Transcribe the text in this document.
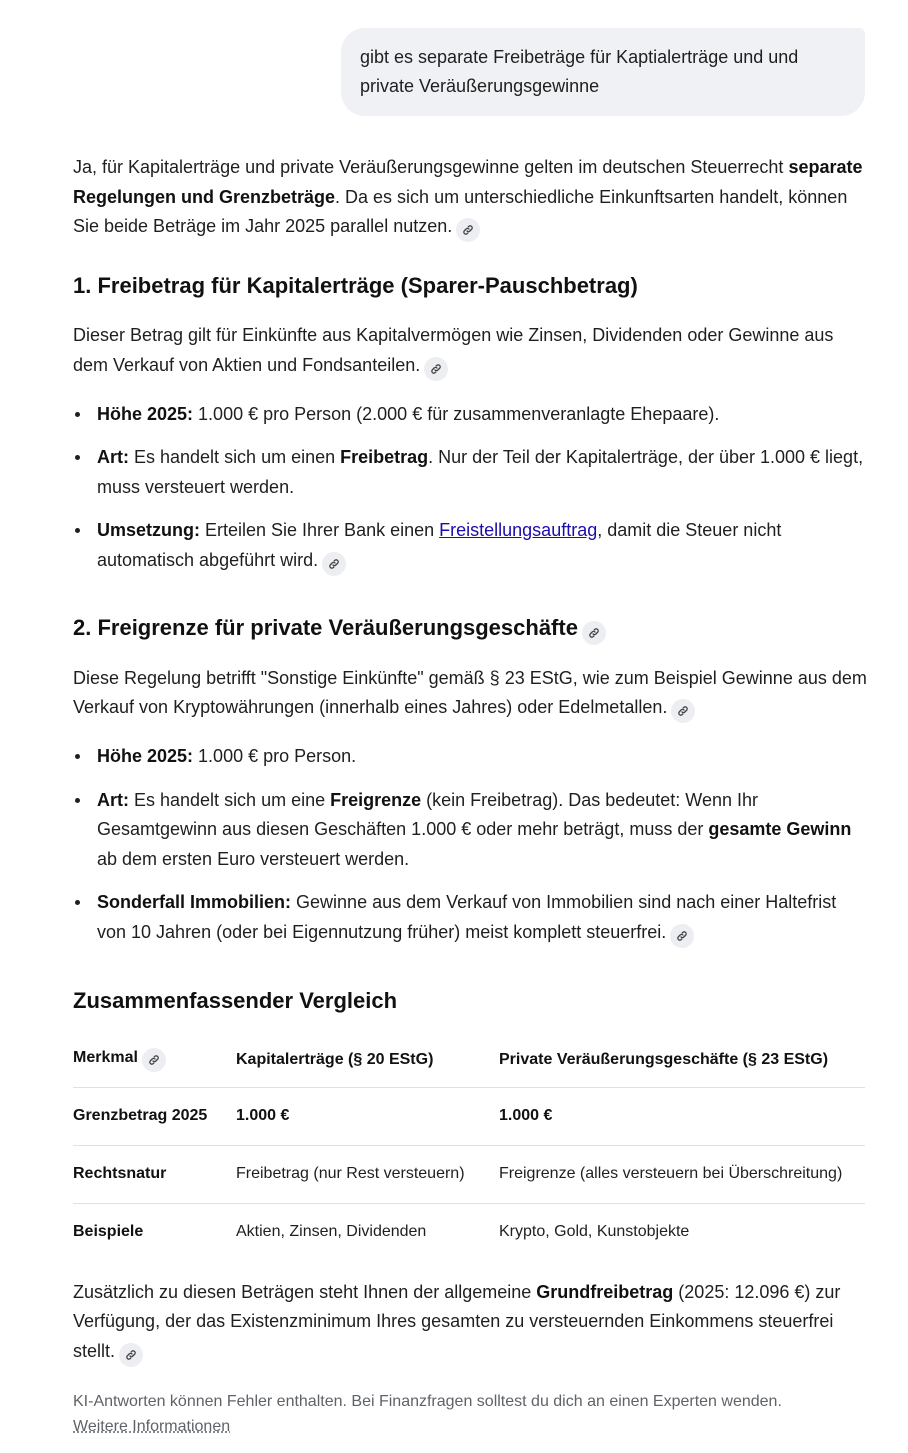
gibt es separate Freibeträge für Kaptialerträge und und private Veräußerungsgewinne

Ja, für Kapitalerträge und private Veräußerungsgewinne gelten im deutschen Steuerrecht separate Regelungen und Grenzbeträge. Da es sich um unterschiedliche Einkunftsarten handelt, können Sie beide Beträge im Jahr 2025 parallel nutzen.

1. Freibetrag für Kapitalerträge (Sparer-Pauschbetrag)

Dieser Betrag gilt für Einkünfte aus Kapitalvermögen wie Zinsen, Dividenden oder Gewinne aus dem Verkauf von Aktien und Fondsanteilen.

Höhe 2025: 1.000 € pro Person (2.000 € für zusammenveranlagte Ehepaare).
Art: Es handelt sich um einen Freibetrag. Nur der Teil der Kapitalerträge, der über 1.000 € liegt, muss versteuert werden.
Umsetzung: Erteilen Sie Ihrer Bank einen Freistellungsauftrag, damit die Steuer nicht automatisch abgeführt wird.
2. Freigrenze für private Veräußerungsgeschäfte

Diese Regelung betrifft "Sonstige Einkünfte" gemäß § 23 EStG, wie zum Beispiel Gewinne aus dem Verkauf von Kryptowährungen (innerhalb eines Jahres) oder Edelmetallen.

Höhe 2025: 1.000 € pro Person.
Art: Es handelt sich um eine Freigrenze (kein Freibetrag). Das bedeutet: Wenn Ihr Gesamtgewinn aus diesen Geschäften 1.000 € oder mehr beträgt, muss der gesamte Gewinn ab dem ersten Euro versteuert werden.
Sonderfall Immobilien: Gewinne aus dem Verkauf von Immobilien sind nach einer Haltefrist von 10 Jahren (oder bei Eigennutzung früher) meist komplett steuerfrei.
Zusammenfassender Vergleich
Merkmal	Kapitalerträge (§ 20 EStG)	Private Veräußerungsgeschäfte (§ 23 EStG)
Grenzbetrag 2025	1.000 €	1.000 €
Rechtsnatur	Freibetrag (nur Rest versteuern)	Freigrenze (alles versteuern bei Überschreitung)
Beispiele	Aktien, Zinsen, Dividenden	Krypto, Gold, Kunstobjekte

Zusätzlich zu diesen Beträgen steht Ihnen der allgemeine Grundfreibetrag (2025: 12.096 €) zur Verfügung, der das Existenzminimum Ihres gesamten zu versteuernden Einkommens steuerfrei stellt.

KI-Antworten können Fehler enthalten. Bei Finanzfragen solltest du dich an einen Experten wenden.
Weitere Informationen
